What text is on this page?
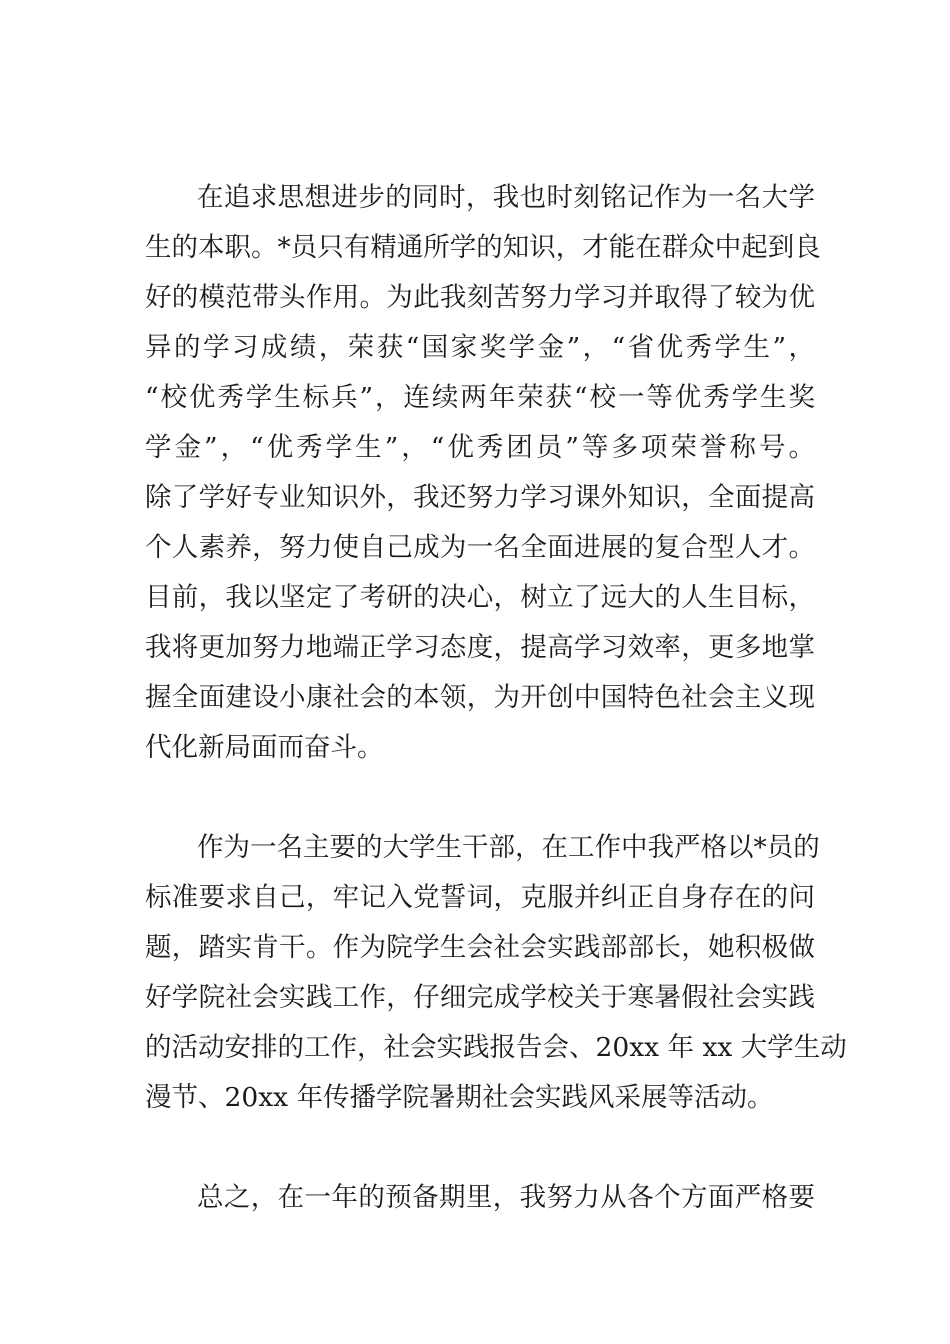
在追求思想进步的同时，我也时刻铭记作为一名大学
生的本职。*员只有精通所学的知识，才能在群众中起到良
好的模范带头作用。为此我刻苦努力学习并取得了较为优
异的学习成绩，荣获“国家奖学金”，“省优秀学生”，
“校优秀学生标兵”，连续两年荣获“校一等优秀学生奖
学金”，“优秀学生”，“优秀团员”等多项荣誉称号。
除了学好专业知识外，我还努力学习课外知识，全面提高
个人素养，努力使自己成为一名全面进展的复合型人才。
目前，我以坚定了考研的决心，树立了远大的人生目标，
我将更加努力地端正学习态度，提高学习效率，更多地掌
握全面建设小康社会的本领，为开创中国特色社会主义现
代化新局面而奋斗。
作为一名主要的大学生干部，在工作中我严格以*员的
标准要求自己，牢记入党誓词，克服并纠正自身存在的问
题，踏实肯干。作为院学生会社会实践部部长，她积极做
好学院社会实践工作，仔细完成学校关于寒暑假社会实践
的活动安排的工作，社会实践报告会、20xx 年 xx 大学生动
漫节、20xx 年传播学院暑期社会实践风采展等活动。
总之，在一年的预备期里，我努力从各个方面严格要
